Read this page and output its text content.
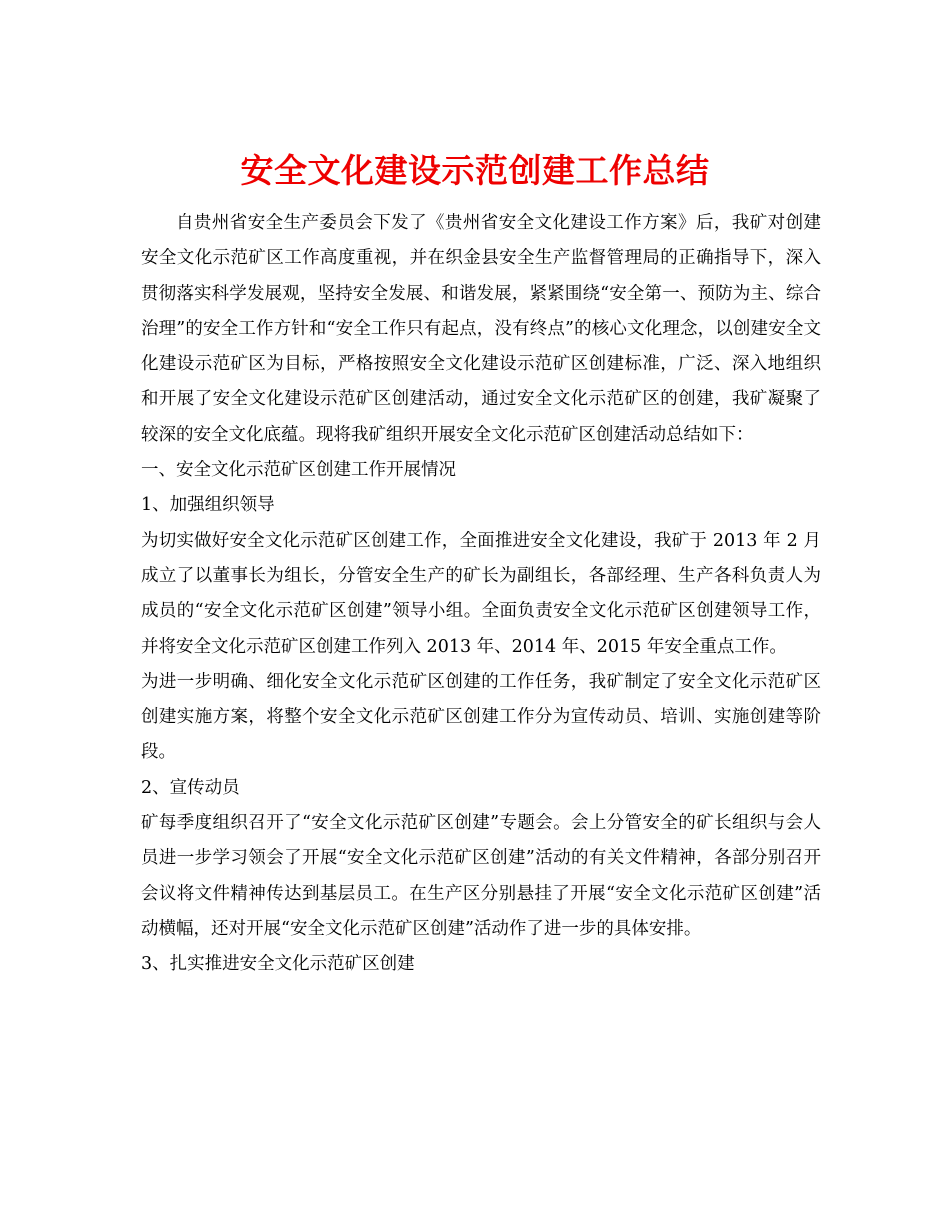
安全文化建设示范创建工作总结

自贵州省安全生产委员会下发了《贵州省安全文化建设工作方案》后，我矿对创建安全文化示范矿区工作高度重视，并在织金县安全生产监督管理局的正确指导下，深入贯彻落实科学发展观，坚持安全发展、和谐发展，紧紧围绕“安全第一、预防为主、综合治理”的安全工作方针和“安全工作只有起点，没有终点”的核心文化理念，以创建安全文化建设示范矿区为目标，严格按照安全文化建设示范矿区创建标准，广泛、深入地组织和开展了安全文化建设示范矿区创建活动，通过安全文化示范矿区的创建，我矿凝聚了较深的安全文化底蕴。现将我矿组织开展安全文化示范矿区创建活动总结如下：

一、安全文化示范矿区创建工作开展情况

1、加强组织领导

为切实做好安全文化示范矿区创建工作，全面推进安全文化建设，我矿于 2013 年 2 月成立了以董事长为组长，分管安全生产的矿长为副组长，各部经理、生产各科负责人为成员的“安全文化示范矿区创建”领导小组。全面负责安全文化示范矿区创建领导工作，并将安全文化示范矿区创建工作列入 2013 年、2014 年、2015 年安全重点工作。

为进一步明确、细化安全文化示范矿区创建的工作任务，我矿制定了安全文化示范矿区创建实施方案，将整个安全文化示范矿区创建工作分为宣传动员、培训、实施创建等阶段。

2、宣传动员

矿每季度组织召开了“安全文化示范矿区创建”专题会。会上分管安全的矿长组织与会人员进一步学习领会了开展“安全文化示范矿区创建”活动的有关文件精神，各部分别召开会议将文件精神传达到基层员工。在生产区分别悬挂了开展“安全文化示范矿区创建”活动横幅，还对开展“安全文化示范矿区创建”活动作了进一步的具体安排。

3、扎实推进安全文化示范矿区创建
